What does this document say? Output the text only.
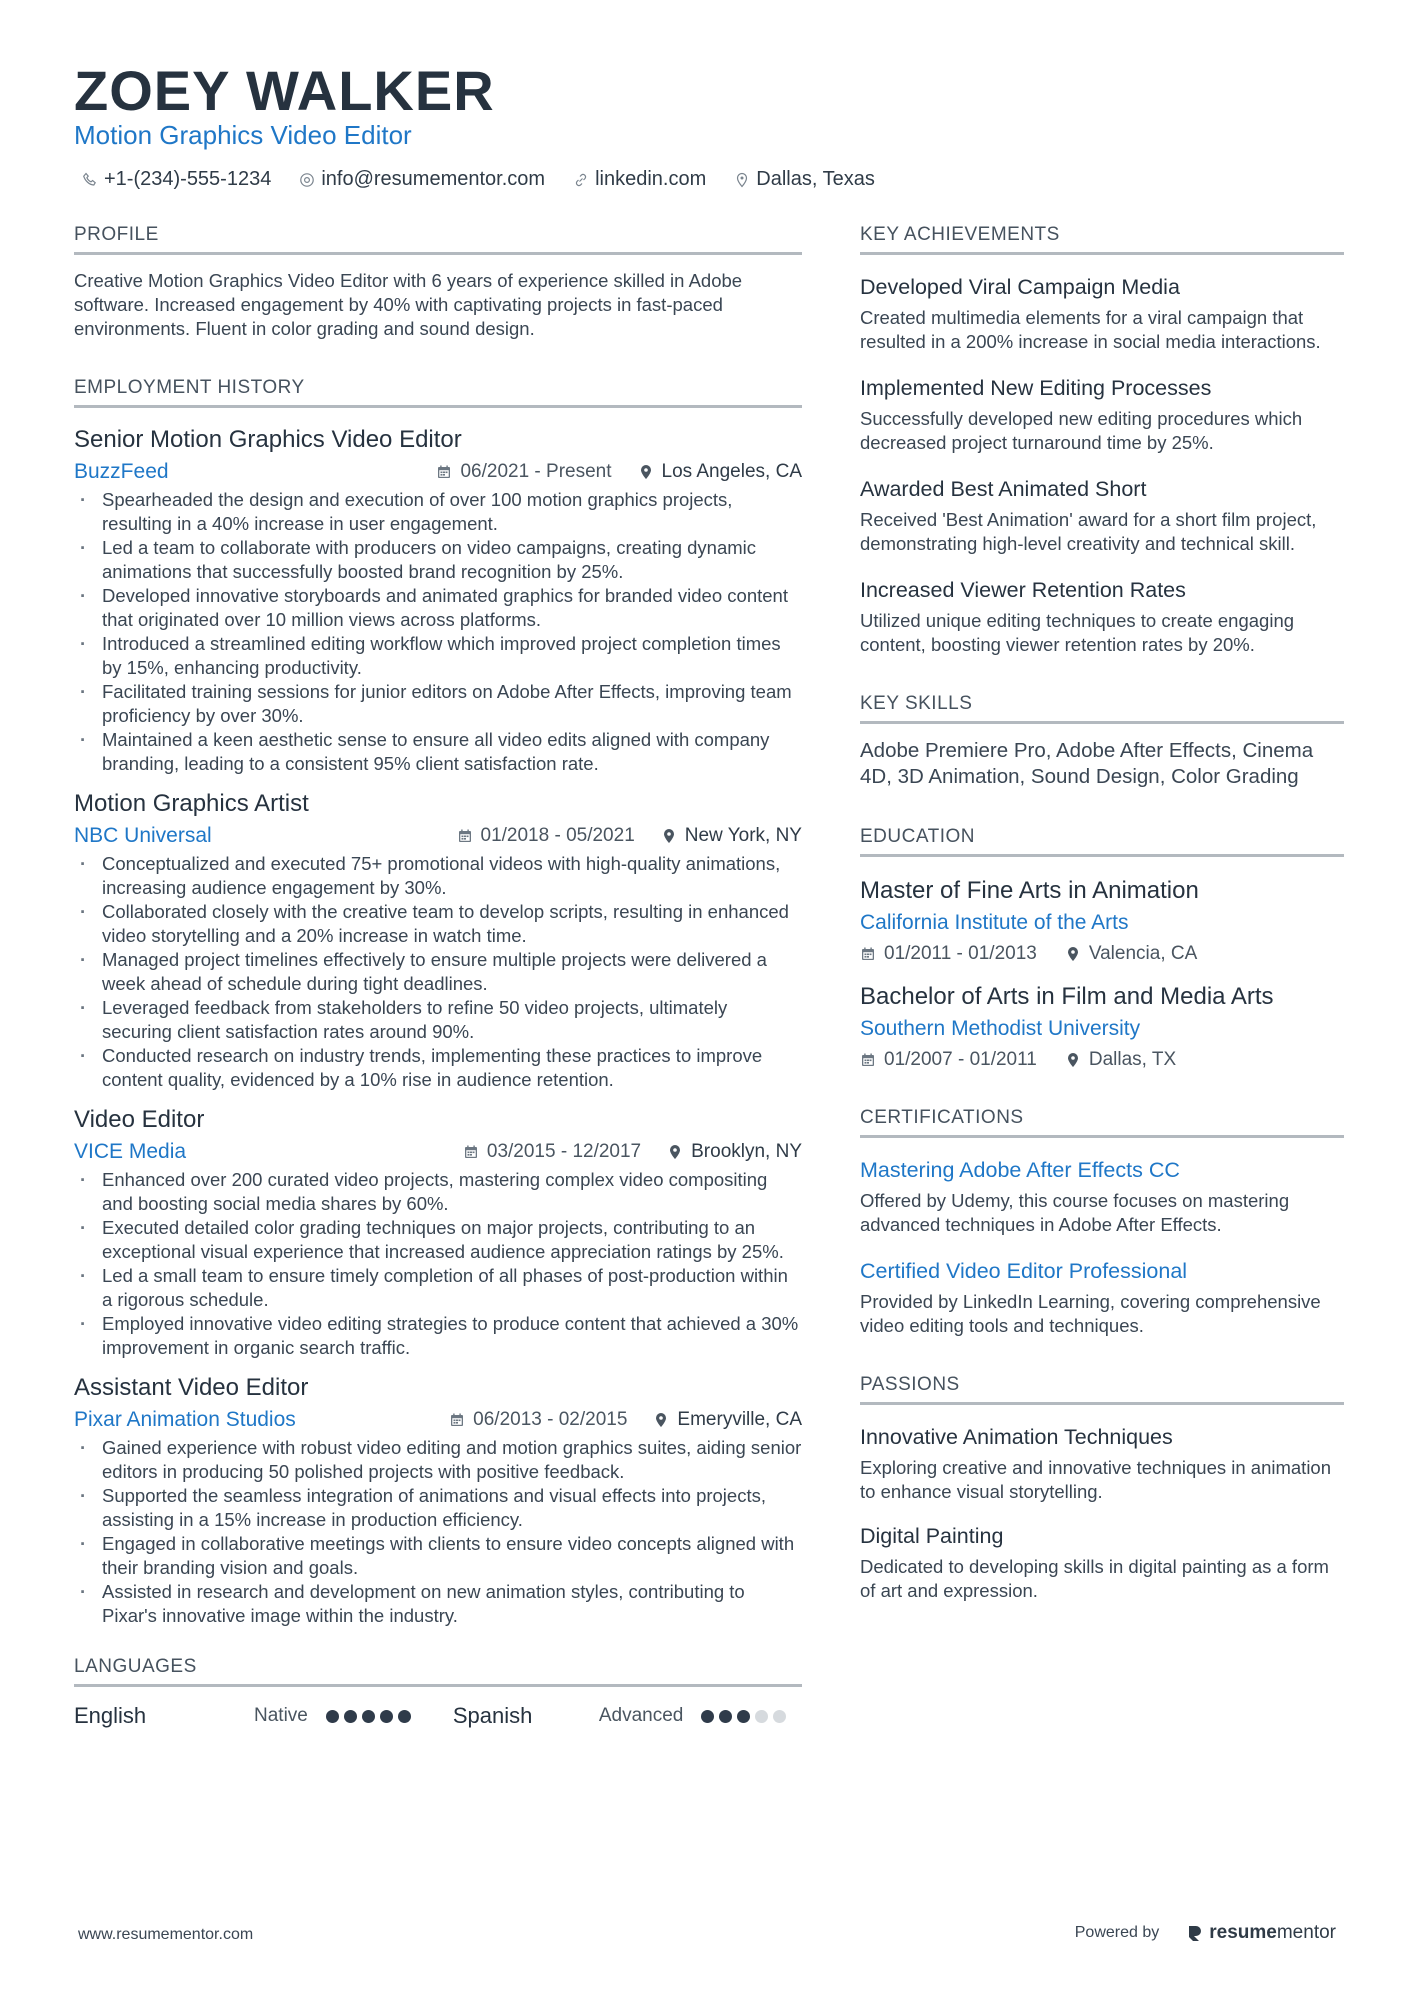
ZOEY WALKER
Motion Graphics Video Editor
+1-(234)-555-1234	info@resumementor.com	linkedin.com	Dallas, Texas
PROFILE
Creative Motion Graphics Video Editor with 6 years of experience skilled in Adobe software. Increased engagement by 40% with captivating projects in fast-paced environments. Fluent in color grading and sound design.
EMPLOYMENT HISTORY
Senior Motion Graphics Video Editor
BuzzFeed	06/2021 - Present	Los Angeles, CA
· Spearheaded the design and execution of over 100 motion graphics projects, resulting in a 40% increase in user engagement.
· Led a team to collaborate with producers on video campaigns, creating dynamic animations that successfully boosted brand recognition by 25%.
· Developed innovative storyboards and animated graphics for branded video content that originated over 10 million views across platforms.
· Introduced a streamlined editing workflow which improved project completion times by 15%, enhancing productivity.
· Facilitated training sessions for junior editors on Adobe After Effects, improving team proficiency by over 30%.
· Maintained a keen aesthetic sense to ensure all video edits aligned with company branding, leading to a consistent 95% client satisfaction rate.
Motion Graphics Artist
NBC Universal	01/2018 - 05/2021	New York, NY
· Conceptualized and executed 75+ promotional videos with high-quality animations, increasing audience engagement by 30%.
· Collaborated closely with the creative team to develop scripts, resulting in enhanced video storytelling and a 20% increase in watch time.
· Managed project timelines effectively to ensure multiple projects were delivered a week ahead of schedule during tight deadlines.
· Leveraged feedback from stakeholders to refine 50 video projects, ultimately securing client satisfaction rates around 90%.
· Conducted research on industry trends, implementing these practices to improve content quality, evidenced by a 10% rise in audience retention.
Video Editor
VICE Media	03/2015 - 12/2017	Brooklyn, NY
· Enhanced over 200 curated video projects, mastering complex video compositing and boosting social media shares by 60%.
· Executed detailed color grading techniques on major projects, contributing to an exceptional visual experience that increased audience appreciation ratings by 25%.
· Led a small team to ensure timely completion of all phases of post-production within a rigorous schedule.
· Employed innovative video editing strategies to produce content that achieved a 30% improvement in organic search traffic.
Assistant Video Editor
Pixar Animation Studios	06/2013 - 02/2015	Emeryville, CA
· Gained experience with robust video editing and motion graphics suites, aiding senior editors in producing 50 polished projects with positive feedback.
· Supported the seamless integration of animations and visual effects into projects, assisting in a 15% increase in production efficiency.
· Engaged in collaborative meetings with clients to ensure video concepts aligned with their branding vision and goals.
· Assisted in research and development on new animation styles, contributing to Pixar's innovative image within the industry.
LANGUAGES
English	Native	Spanish	Advanced
KEY ACHIEVEMENTS
Developed Viral Campaign Media
Created multimedia elements for a viral campaign that resulted in a 200% increase in social media interactions.
Implemented New Editing Processes
Successfully developed new editing procedures which decreased project turnaround time by 25%.
Awarded Best Animated Short
Received 'Best Animation' award for a short film project, demonstrating high-level creativity and technical skill.
Increased Viewer Retention Rates
Utilized unique editing techniques to create engaging content, boosting viewer retention rates by 20%.
KEY SKILLS
Adobe Premiere Pro, Adobe After Effects, Cinema 4D, 3D Animation, Sound Design, Color Grading
EDUCATION
Master of Fine Arts in Animation
California Institute of the Arts
01/2011 - 01/2013	Valencia, CA
Bachelor of Arts in Film and Media Arts
Southern Methodist University
01/2007 - 01/2011	Dallas, TX
CERTIFICATIONS
Mastering Adobe After Effects CC
Offered by Udemy, this course focuses on mastering advanced techniques in Adobe After Effects.
Certified Video Editor Professional
Provided by LinkedIn Learning, covering comprehensive video editing tools and techniques.
PASSIONS
Innovative Animation Techniques
Exploring creative and innovative techniques in animation to enhance visual storytelling.
Digital Painting
Dedicated to developing skills in digital painting as a form of art and expression.
www.resumementor.com	Powered by	resumementor
